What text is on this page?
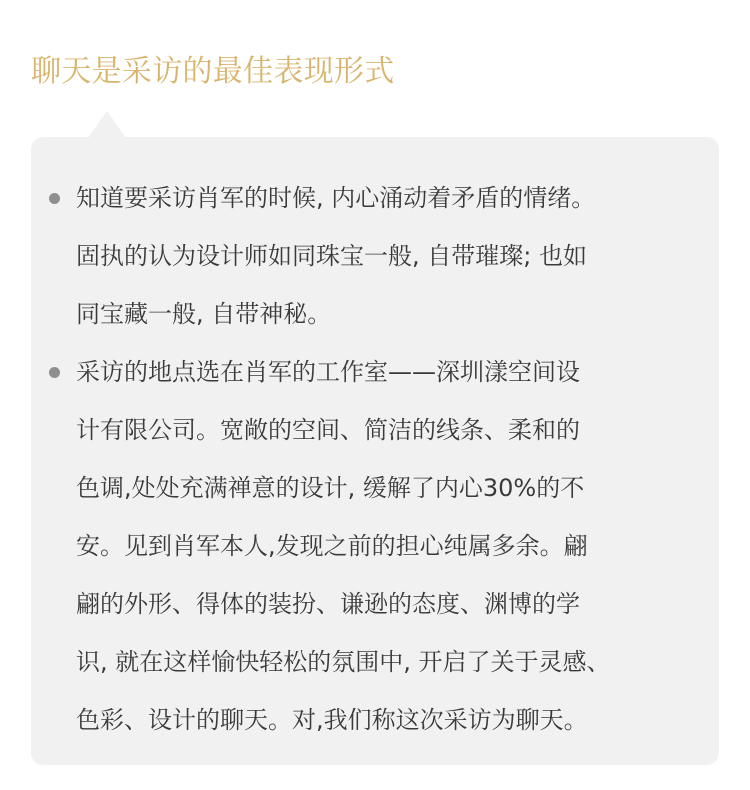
聊天是采访的最佳表现形式
知道要采访肖军的时候, 内心涌动着矛盾的情绪。
固执的认为设计师如同珠宝一般, 自带璀璨; 也如
同宝藏一般, 自带神秘。
采访的地点选在肖军的工作室——深圳漾空间设
计有限公司。宽敞的空间、简洁的线条、柔和的
色调,处处充满禅意的设计, 缓解了内心30%的不
安。见到肖军本人,发现之前的担心纯属多余。翩
翩的外形、得体的装扮、谦逊的态度、渊博的学
识, 就在这样愉快轻松的氛围中, 开启了关于灵感、
色彩、设计的聊天。对,我们称这次采访为聊天。
